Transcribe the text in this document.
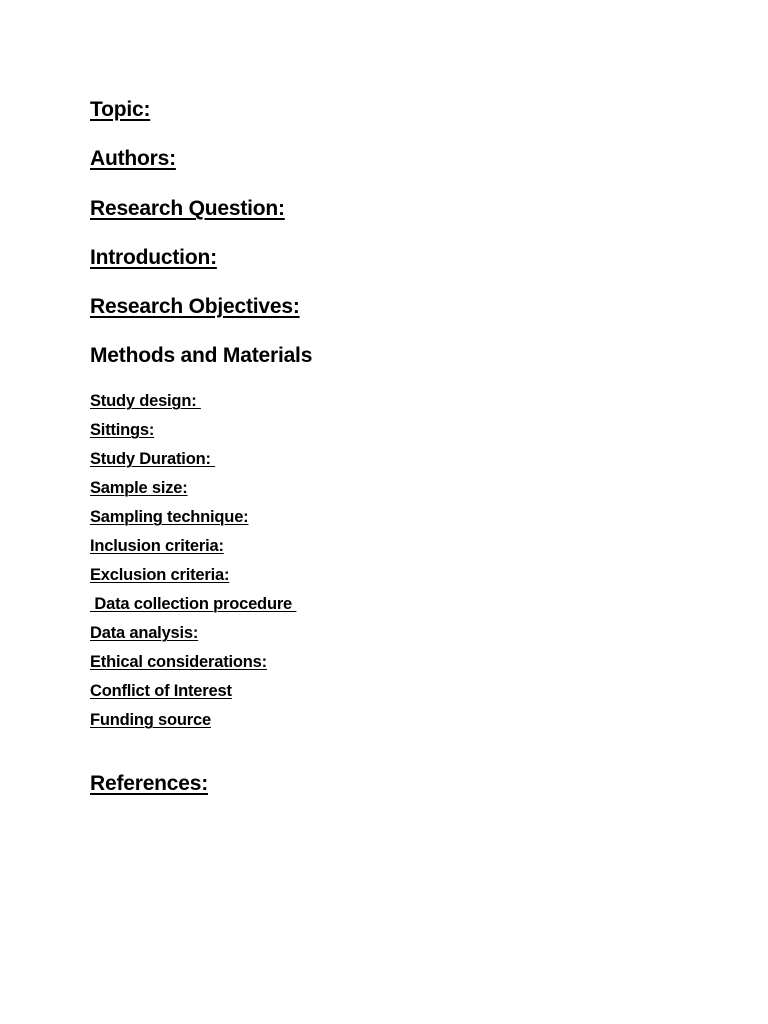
Topic:
Authors:
Research Question:
Introduction:
Research Objectives:
Methods and Materials
Study design:
Sittings:
Study Duration:
Sample size:
Sampling technique:
Inclusion criteria:
Exclusion criteria:
Data collection procedure
Data analysis:
Ethical considerations:
Conflict of Interest
Funding source
References:
